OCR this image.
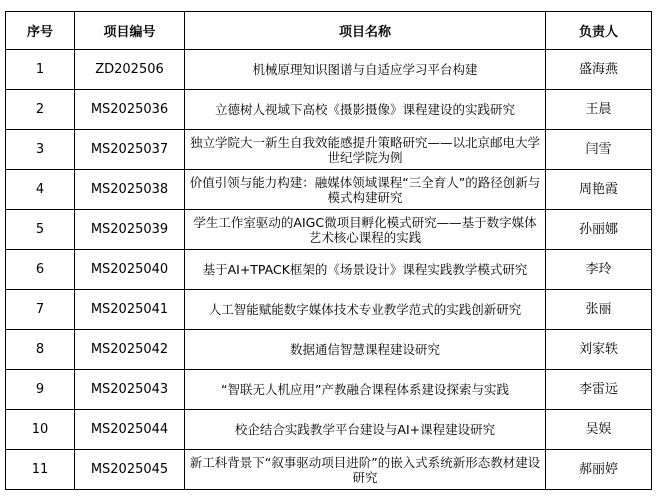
序号	项目编号	项目名称	负责人
1	ZD202506	机械原理知识图谱与自适应学习平台构建	盛海燕
2	MS2025036	立德树人视域下高校《摄影摄像》课程建设的实践研究	王晨
3	MS2025037	独立学院大一新生自我效能感提升策略研究——以北京邮电大学世纪学院为例	闫雪
4	MS2025038	价值引领与能力构建：融媒体领域课程“三全育人”的路径创新与模式构建研究	周艳霞
5	MS2025039	学生工作室驱动的AIGC微项目孵化模式研究——基于数字媒体艺术核心课程的实践	孙丽娜
6	MS2025040	基于AI+TPACK框架的《场景设计》课程实践教学模式研究	李玲
7	MS2025041	人工智能赋能数字媒体技术专业教学范式的实践创新研究	张丽
8	MS2025042	数据通信智慧课程建设研究	刘家轶
9	MS2025043	“智联无人机应用”产教融合课程体系建设探索与实践	李雷远
10	MS2025044	校企结合实践教学平台建设与AI+课程建设研究	吴娱
11	MS2025045	新工科背景下“叙事驱动项目进阶”的嵌入式系统新形态教材建设研究	郝丽婷
